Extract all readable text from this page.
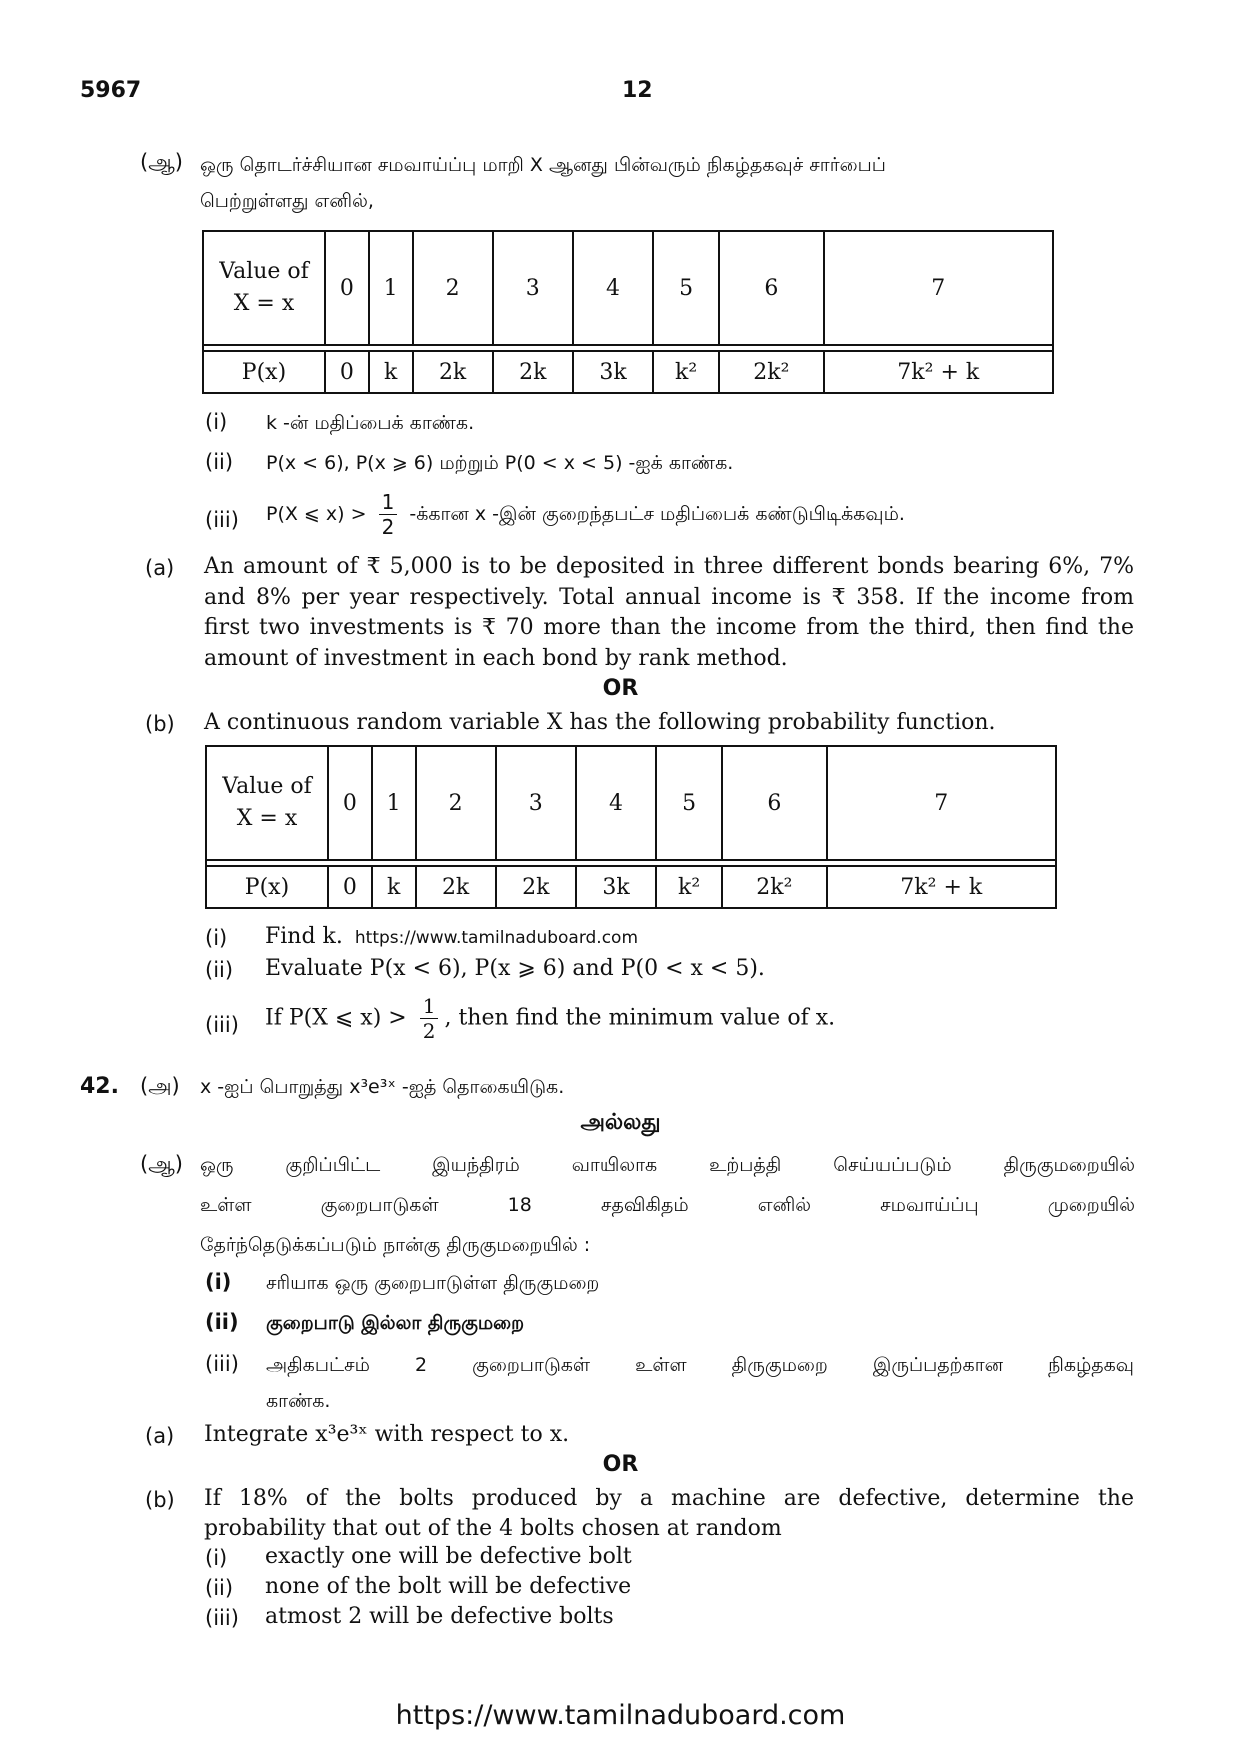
5967	12
(ஆ) ஒரு தொடர்ச்சியான சமவாய்ப்பு மாறி X ஆனது பின்வரும் நிகழ்தகவுச் சார்பைப்
பெற்றுள்ளது எனில்,
Value of
X = x	0	1	2	3	4	5	6	7

P(x)	0	k	2k	2k	3k	k²	2k²	7k² + k
(i) k -ன் மதிப்பைக் காண்க.
(ii) P(x < 6), P(x ⩾ 6) மற்றும் P(0 < x < 5) -ஐக் காண்க.
(iii) P(X ⩽ $x) > \frac{1}{2}$ -க்கான x -இன் குறைந்தபட்ச மதிப்பைக் கண்டுபிடிக்கவும்.
(a) An amount of ₹ 5,000 is to be deposited in three different bonds bearing 6%, 7% and 8% per year respectively. Total annual income is ₹ 358. If the income from first two investments is ₹ 70 more than the income from the third, then find the amount of investment in each bond by rank method.
OR
(b) A continuous random variable X has the following probability function.
Value of
X = x	0	1	2	3	4	5	6	7

P(x)	0	k	2k	2k	3k	k²	2k²	7k² + k
(i) Find k. https://www.tamilnaduboard.com
(ii) Evaluate P(x < 6), P(x ⩾ 6) and P(0 < x < 5).
(iii) If P(X ⩽ $x) > \frac{1}{2}$ , then find the minimum value of x.
42. (அ) x -ஐப் பொறுத்து x³e³ˣ -ஐத் தொகையிடுக.
அல்லது
(ஆ) ஒரு குறிப்பிட்ட இயந்திரம் வாயிலாக உற்பத்தி செய்யப்படும் திருகுமறையில்
உள்ள குறைபாடுகள் 18 சதவிகிதம் எனில் சமவாய்ப்பு முறையில்
தேர்ந்தெடுக்கப்படும் நான்கு திருகுமறையில் :
(i) சரியாக ஒரு குறைபாடுள்ள திருகுமறை
(ii) குறைபாடு இல்லா திருகுமறை
(iii) அதிகபட்சம் 2 குறைபாடுகள் உள்ள திருகுமறை இருப்பதற்கான நிகழ்தகவு
காண்க.
(a) Integrate x³e³ˣ with respect to x.
OR
(b) If 18% of the bolts produced by a machine are defective, determine the
probability that out of the 4 bolts chosen at random
(i) exactly one will be defective bolt
(ii) none of the bolt will be defective
(iii) atmost 2 will be defective bolts
https://www.tamilnaduboard.com
